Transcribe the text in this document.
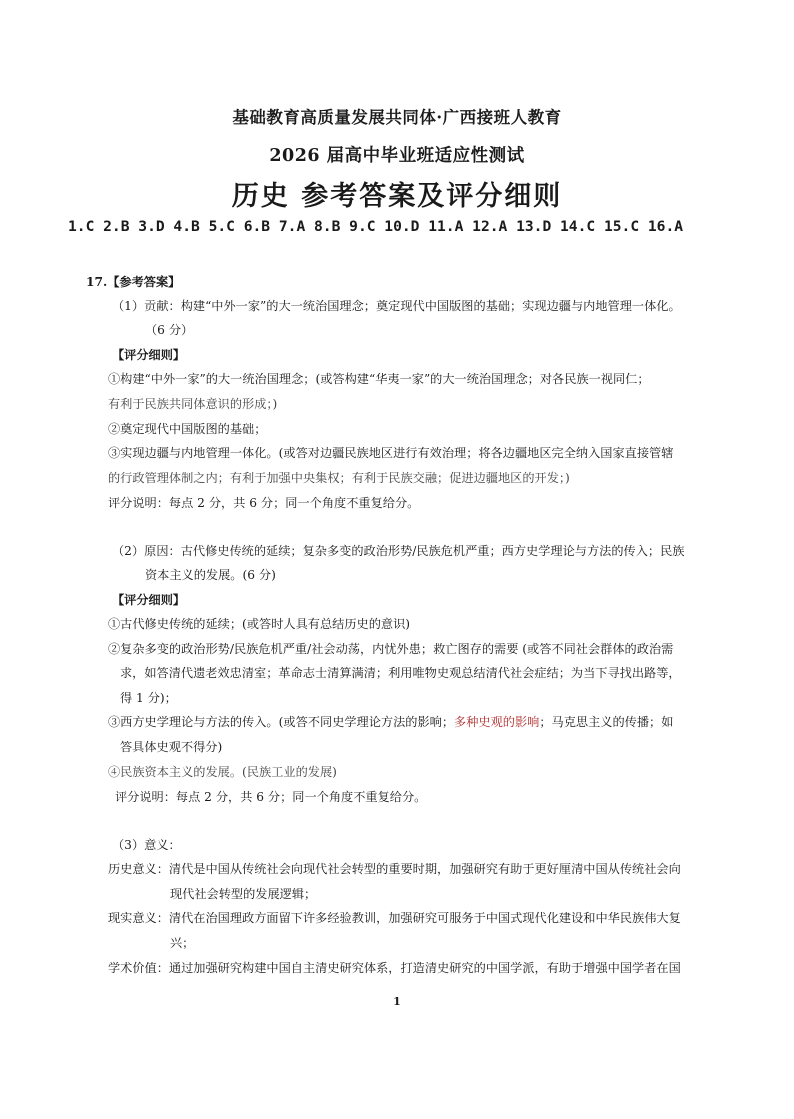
基础教育高质量发展共同体·广西接班人教育
2026 届高中毕业班适应性测试
历史 参考答案及评分细则
1.C 2.B 3.D 4.B 5.C 6.B 7.A 8.B 9.C 10.D 11.A 12.A 13.D 14.C 15.C 16.A
17.【参考答案】
（1）贡献：构建“中外一家”的大一统治国理念；奠定现代中国版图的基础；实现边疆与内地管理一体化。
（6 分）
【评分细则】
①构建“中外一家”的大一统治国理念；(或答构建“华夷一家”的大一统治国理念；对各民族一视同仁；
有利于民族共同体意识的形成；)
②奠定现代中国版图的基础；
③实现边疆与内地管理一体化。(或答对边疆民族地区进行有效治理；将各边疆地区完全纳入国家直接管辖
的行政管理体制之内；有利于加强中央集权；有利于民族交融；促进边疆地区的开发；)
评分说明：每点 2 分，共 6 分；同一个角度不重复给分。
（2）原因：古代修史传统的延续；复杂多变的政治形势/民族危机严重；西方史学理论与方法的传入；民族
资本主义的发展。(6 分)
【评分细则】
①古代修史传统的延续；(或答时人具有总结历史的意识)
②复杂多变的政治形势/民族危机严重/社会动荡，内忧外患；救亡图存的需要 (或答不同社会群体的政治需
求，如答清代遗老效忠清室；革命志士清算满清；利用唯物史观总结清代社会症结；为当下寻找出路等，
得 1 分)；
③西方史学理论与方法的传入。(或答不同史学理论方法的影响；多种史观的影响；马克思主义的传播；如
答具体史观不得分)
④民族资本主义的发展。(民族工业的发展)
评分说明：每点 2 分，共 6 分；同一个角度不重复给分。
（3）意义：
历史意义：清代是中国从传统社会向现代社会转型的重要时期，加强研究有助于更好厘清中国从传统社会向
现代社会转型的发展逻辑；
现实意义：清代在治国理政方面留下许多经验教训，加强研究可服务于中国式现代化建设和中华民族伟大复
兴；
学术价值：通过加强研究构建中国自主清史研究体系，打造清史研究的中国学派，有助于增强中国学者在国
1
